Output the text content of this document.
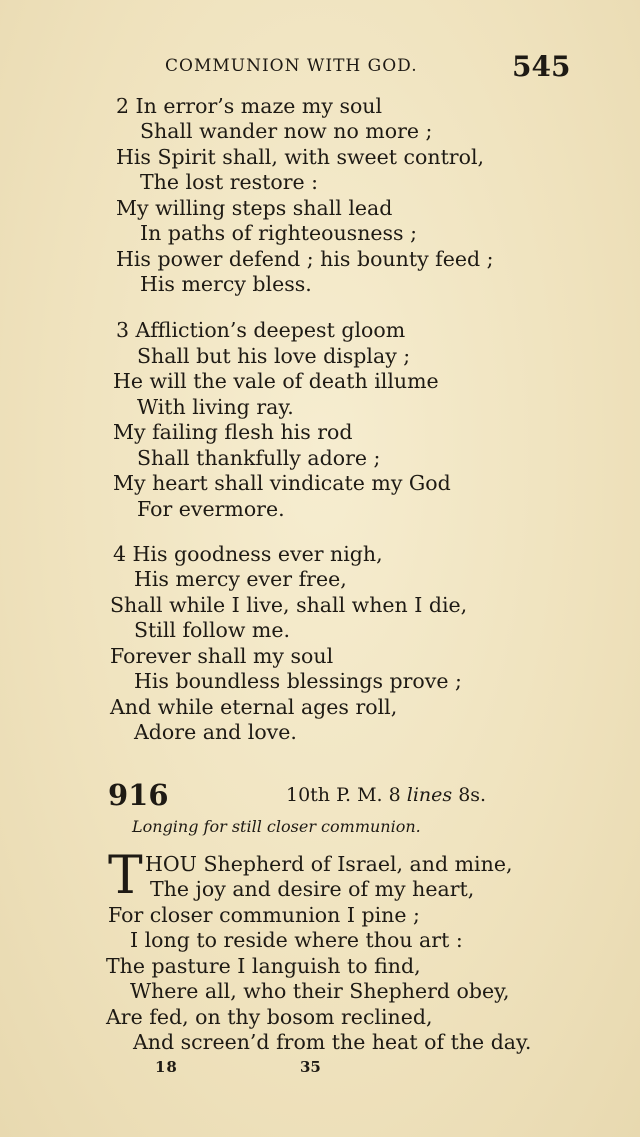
COMMUNION WITH GOD.	545
2 In error’s maze my soul
Shall wander now no more ;
His Spirit shall, with sweet control,
The lost restore :
My willing steps shall lead
In paths of righteousness ;
His power defend ; his bounty feed ;
His mercy bless.
3 Affliction’s deepest gloom
Shall but his love display ;
He will the vale of death illume
With living ray.
My failing flesh his rod
Shall thankfully adore ;
My heart shall vindicate my God
For evermore.
4 His goodness ever nigh,
His mercy ever free,
Shall while I live, shall when I die,
Still follow me.
Forever shall my soul
His boundless blessings prove ;
And while eternal ages roll,
Adore and love.
916	10th P. M. 8 lines 8s.
Longing for still closer communion.
T HOU Shepherd of Israel, and mine,
The joy and desire of my heart,
For closer communion I pine ;
I long to reside where thou art :
The pasture I languish to find,
Where all, who their Shepherd obey,
Are fed, on thy bosom reclined,
And screen’d from the heat of the day.
18	35
